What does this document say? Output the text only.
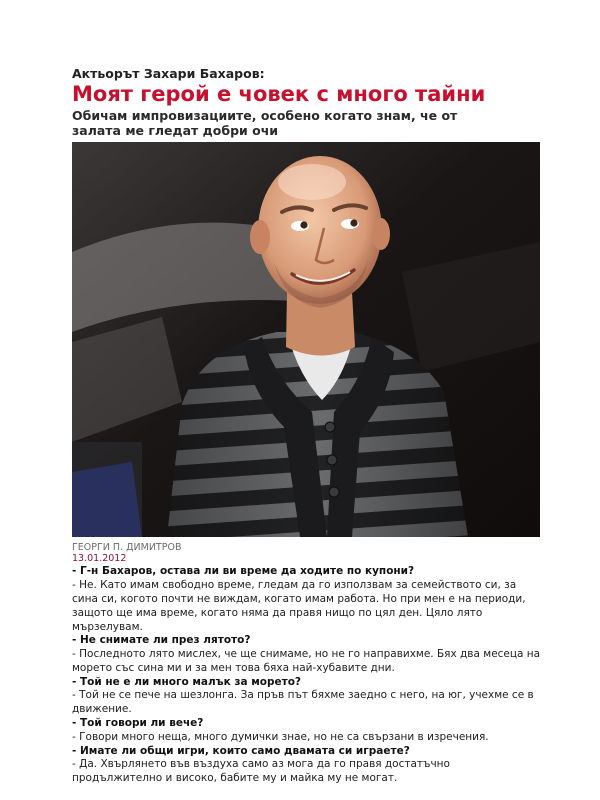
Актьорът Захари Бахаров:
Моят герой е човек с много тайни
Обичам импровизациите, особено когато знам, че от залата ме гледат добри очи
ГЕОРГИ П. ДИМИТРОВ
13.01.2012
- Г-н Бахаров, остава ли ви време да ходите по купони?
- Не. Като имам свободно време, гледам да го използвам за семейството си, за сина си, когото почти не виждам, когато имам работа. Но при мен е на периоди, защото ще има време, когато няма да правя нищо по цял ден. Цяло лято мързелувам.
- Не снимате ли през лятото?
- Последното лято мислех, че ще снимаме, но не го направихме. Бях два месеца на морето със сина ми и за мен това бяха най-хубавите дни.
- Той не е ли много малък за морето?
- Той не се пече на шезлонга. За пръв път бяхме заедно с него, на юг, учехме се в движение.
- Той говори ли вече?
- Говори много неща, много думички знае, но не са свързани в изречения.
- Имате ли общи игри, които само двамата си играете?
- Да. Хвърлянето във въздуха само аз мога да го правя достатъчно продължително и високо, бабите му и майка му не могат.
